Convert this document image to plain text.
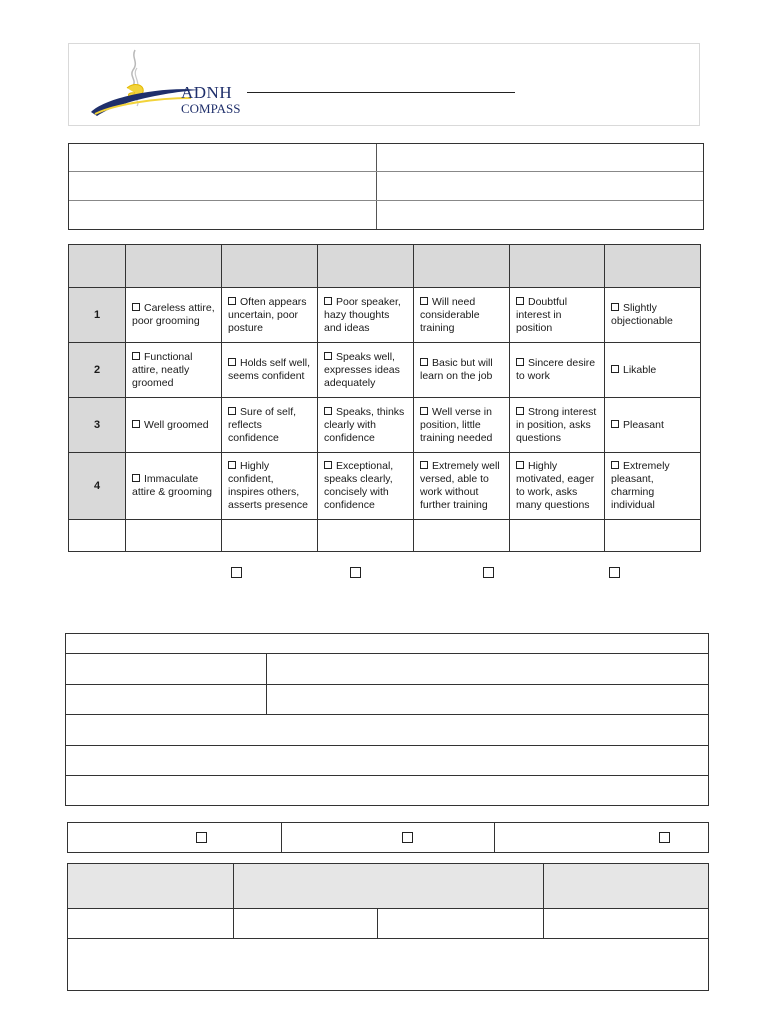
ADNH
COMPASS

1	Careless attire, poor grooming	Often appears uncertain, poor posture	Poor speaker, hazy thoughts and ideas	Will need considerable training	Doubtful interest in position	Slightly objectionable
2	Functional attire, neatly groomed	Holds self well, seems confident	Speaks well, expresses ideas adequately	Basic but will learn on the job	Sincere desire to work	Likable
3	Well groomed	Sure of self, reflects confidence	Speaks, thinks clearly with confidence	Well verse in position, little training needed	Strong interest in position, asks questions	Pleasant
4	Immaculate attire & grooming	Highly confident, inspires others, asserts presence	Exceptional, speaks clearly, concisely with confidence	Extremely well versed, able to work without further training	Highly motivated, eager to work, asks many questions	Extremely pleasant, charming individual
